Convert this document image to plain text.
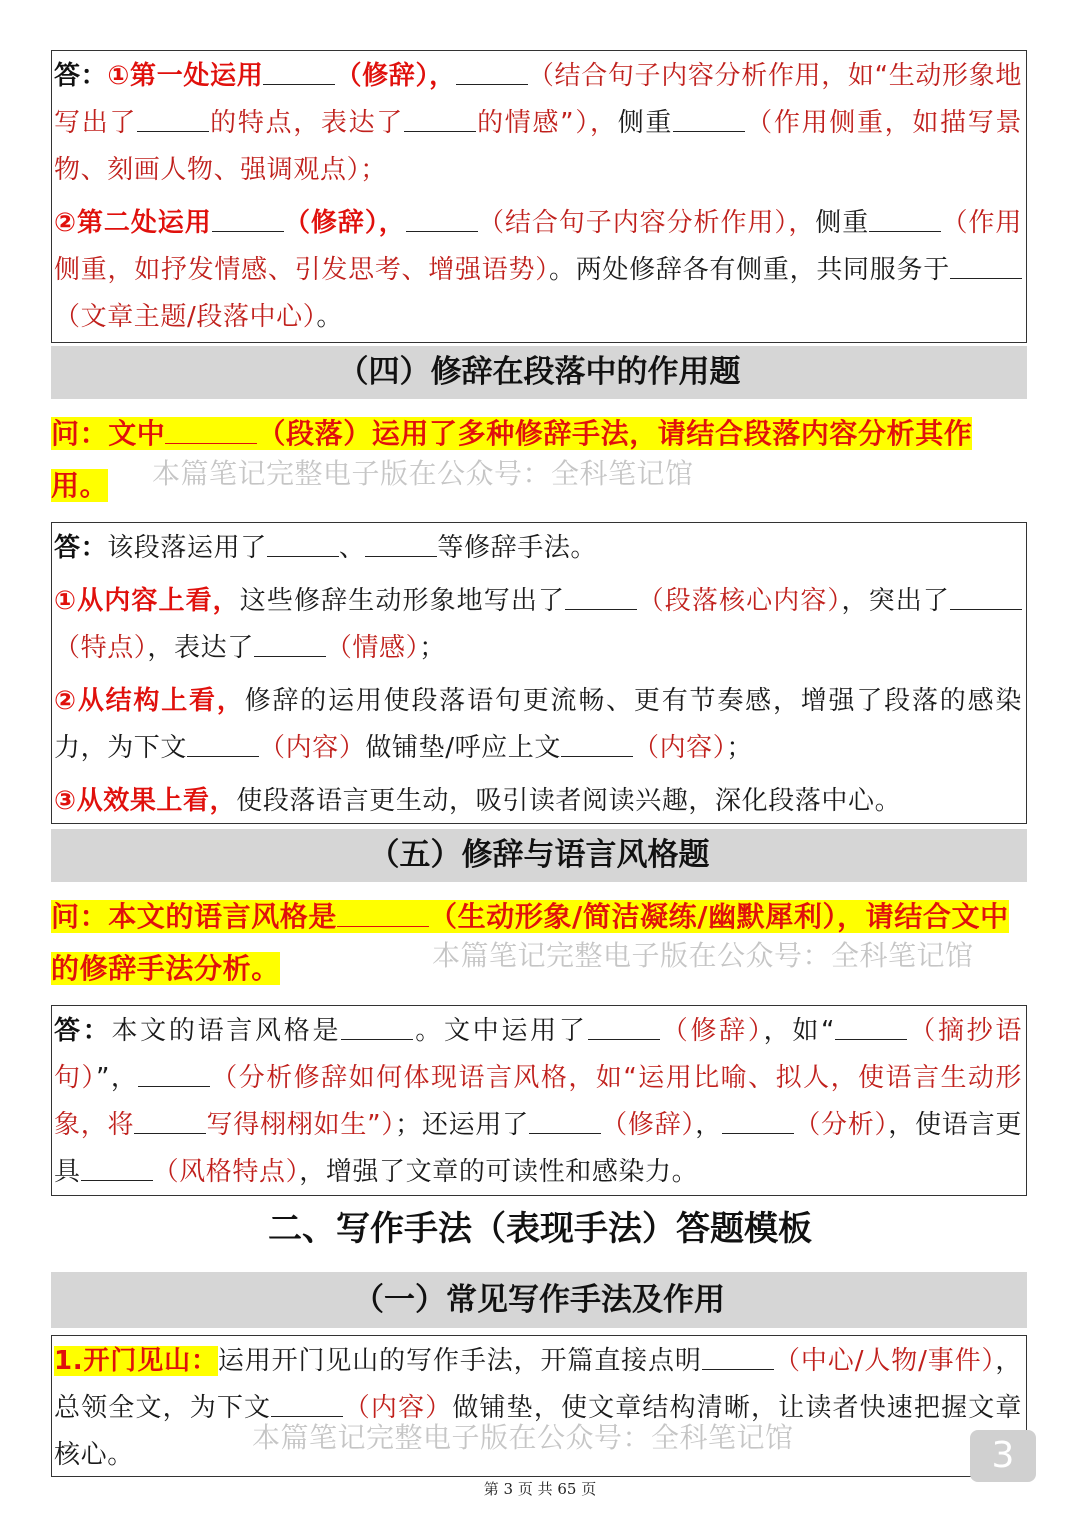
答：①第一处运用	（修辞），	（结合句子内容分析作用，如“生动形象地写出了	的特点，表达了	的情感”），侧重	（作用侧重，如描写景物、刻画人物、强调观点）；

②第二处运用	（修辞），	（结合句子内容分析作用），侧重	（作用侧重，如抒发情感、引发思考、增强语势）。两处修辞各有侧重，共同服务于（文章主题/段落中心）。

（四）修辞在段落中的作用题
问：文中	（段落）运用了多种修辞手法，请结合段落内容分析其作用。	本篇笔记完整电子版在公众号：全科笔记馆

答：该段落运用了	、	等修辞手法。

①从内容上看，这些修辞生动形象地写出了	（段落核心内容），突出了（特点），表达了	（情感）；

②从结构上看，修辞的运用使段落语句更流畅、更有节奏感，增强了段落的感染力，为下文	（内容）做铺垫/呼应上文	（内容）；

③从效果上看，使段落语言更生动，吸引读者阅读兴趣，深化段落中心。

（五）修辞与语言风格题
问：本文的语言风格是	（生动形象/简洁凝练/幽默犀利），请结合文中的修辞手法分析。	本篇笔记完整电子版在公众号：全科笔记馆

答：本文的语言风格是	。文中运用了	（修辞），如“	（摘抄语句）”，	（分析修辞如何体现语言风格，如“运用比喻、拟人，使语言生动形象，将	写得栩栩如生”）；还运用了	（修辞），	（分析），使语言更具	（风格特点），增强了文章的可读性和感染力。

二、写作手法（表现手法）答题模板
（一）常见写作手法及作用

1.开门见山：运用开门见山的写作手法，开篇直接点明	（中心/人物/事件），总领全文，为下文	（内容）做铺垫，使文章结构清晰，让读者快速把握文章核心。

本篇笔记完整电子版在公众号：全科笔记馆	3
第 3 页 共 65 页
